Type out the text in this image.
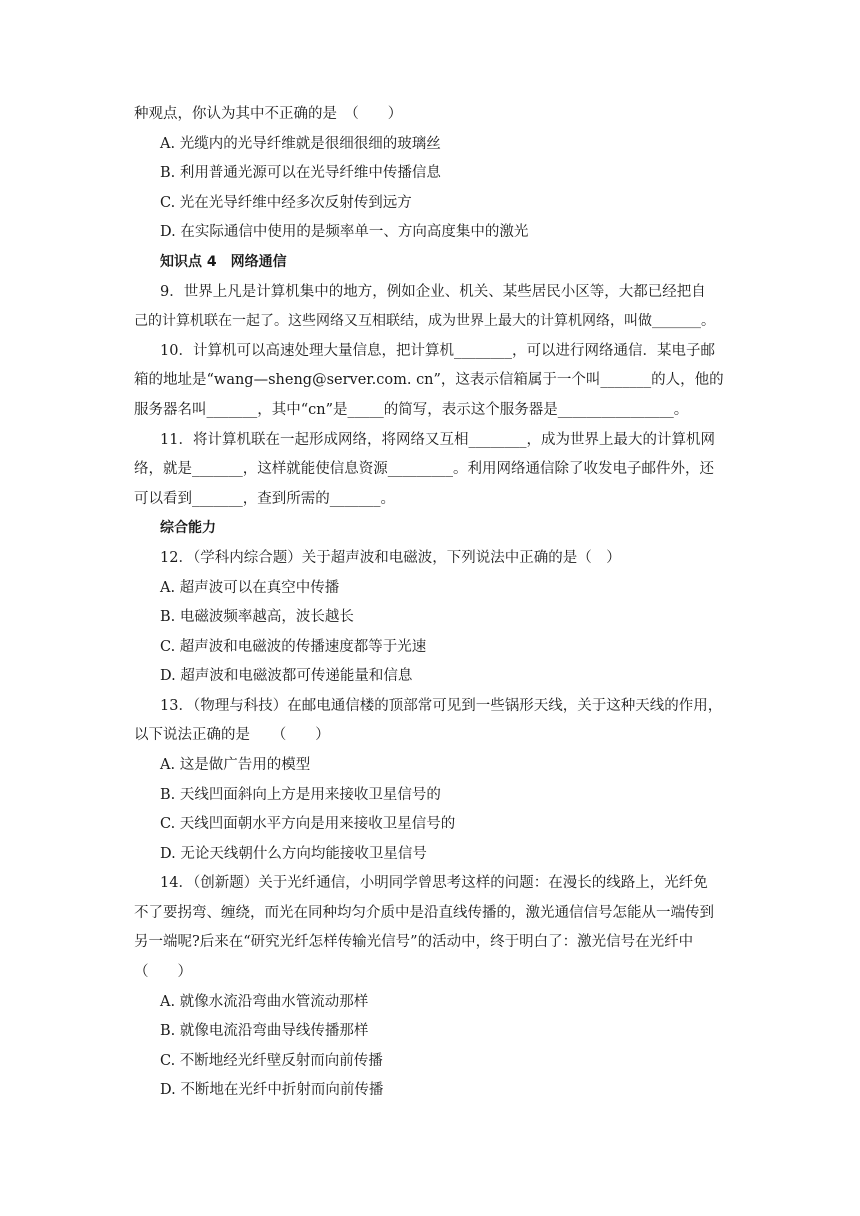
种观点，你认为其中不正确的是　（　　）
A. 光缆内的光导纤维就是很细很细的玻璃丝
B. 利用普通光源可以在光导纤维中传播信息
C. 光在光导纤维中经多次反射传到远方
D. 在实际通信中使用的是频率单一、方向高度集中的激光
知识点 4　网络通信
9．世界上凡是计算机集中的地方，例如企业、机关、某些居民小区等，大都已经把自
己的计算机联在一起了。这些网络又互相联结，成为世界上最大的计算机网络，叫做_______。
10．计算机可以高速处理大量信息，把计算机________，可以进行网络通信．某电子邮
箱的地址是“wang—sheng@server.com. cn”，这表示信箱属于一个叫_______的人，他的
服务器名叫_______，其中“cn”是_____的简写，表示这个服务器是________________。
11．将计算机联在一起形成网络，将网络又互相________，成为世界上最大的计算机网
络，就是_______，这样就能使信息资源_________。利用网络通信除了收发电子邮件外，还
可以看到_______，查到所需的_______。
综合能力
12．（学科内综合题）关于超声波和电磁波，下列说法中正确的是（　）
A. 超声波可以在真空中传播
B. 电磁波频率越高，波长越长
C. 超声波和电磁波的传播速度都等于光速
D. 超声波和电磁波都可传递能量和信息
13．（物理与科技）在邮电通信楼的顶部常可见到一些锅形天线，关于这种天线的作用，
以下说法正确的是　　（　　）
A. 这是做广告用的模型
B. 天线凹面斜向上方是用来接收卫星信号的
C. 天线凹面朝水平方向是用来接收卫星信号的
D. 无论天线朝什么方向均能接收卫星信号
14．（创新题）关于光纤通信，小明同学曾思考这样的问题：在漫长的线路上，光纤免
不了要拐弯、缠绕，而光在同种均匀介质中是沿直线传播的，激光通信信号怎能从一端传到
另一端呢?后来在“研究光纤怎样传输光信号”的活动中，终于明白了：激光信号在光纤中
（　　）
A. 就像水流沿弯曲水管流动那样
B. 就像电流沿弯曲导线传播那样
C. 不断地经光纤壁反射而向前传播
D. 不断地在光纤中折射而向前传播
